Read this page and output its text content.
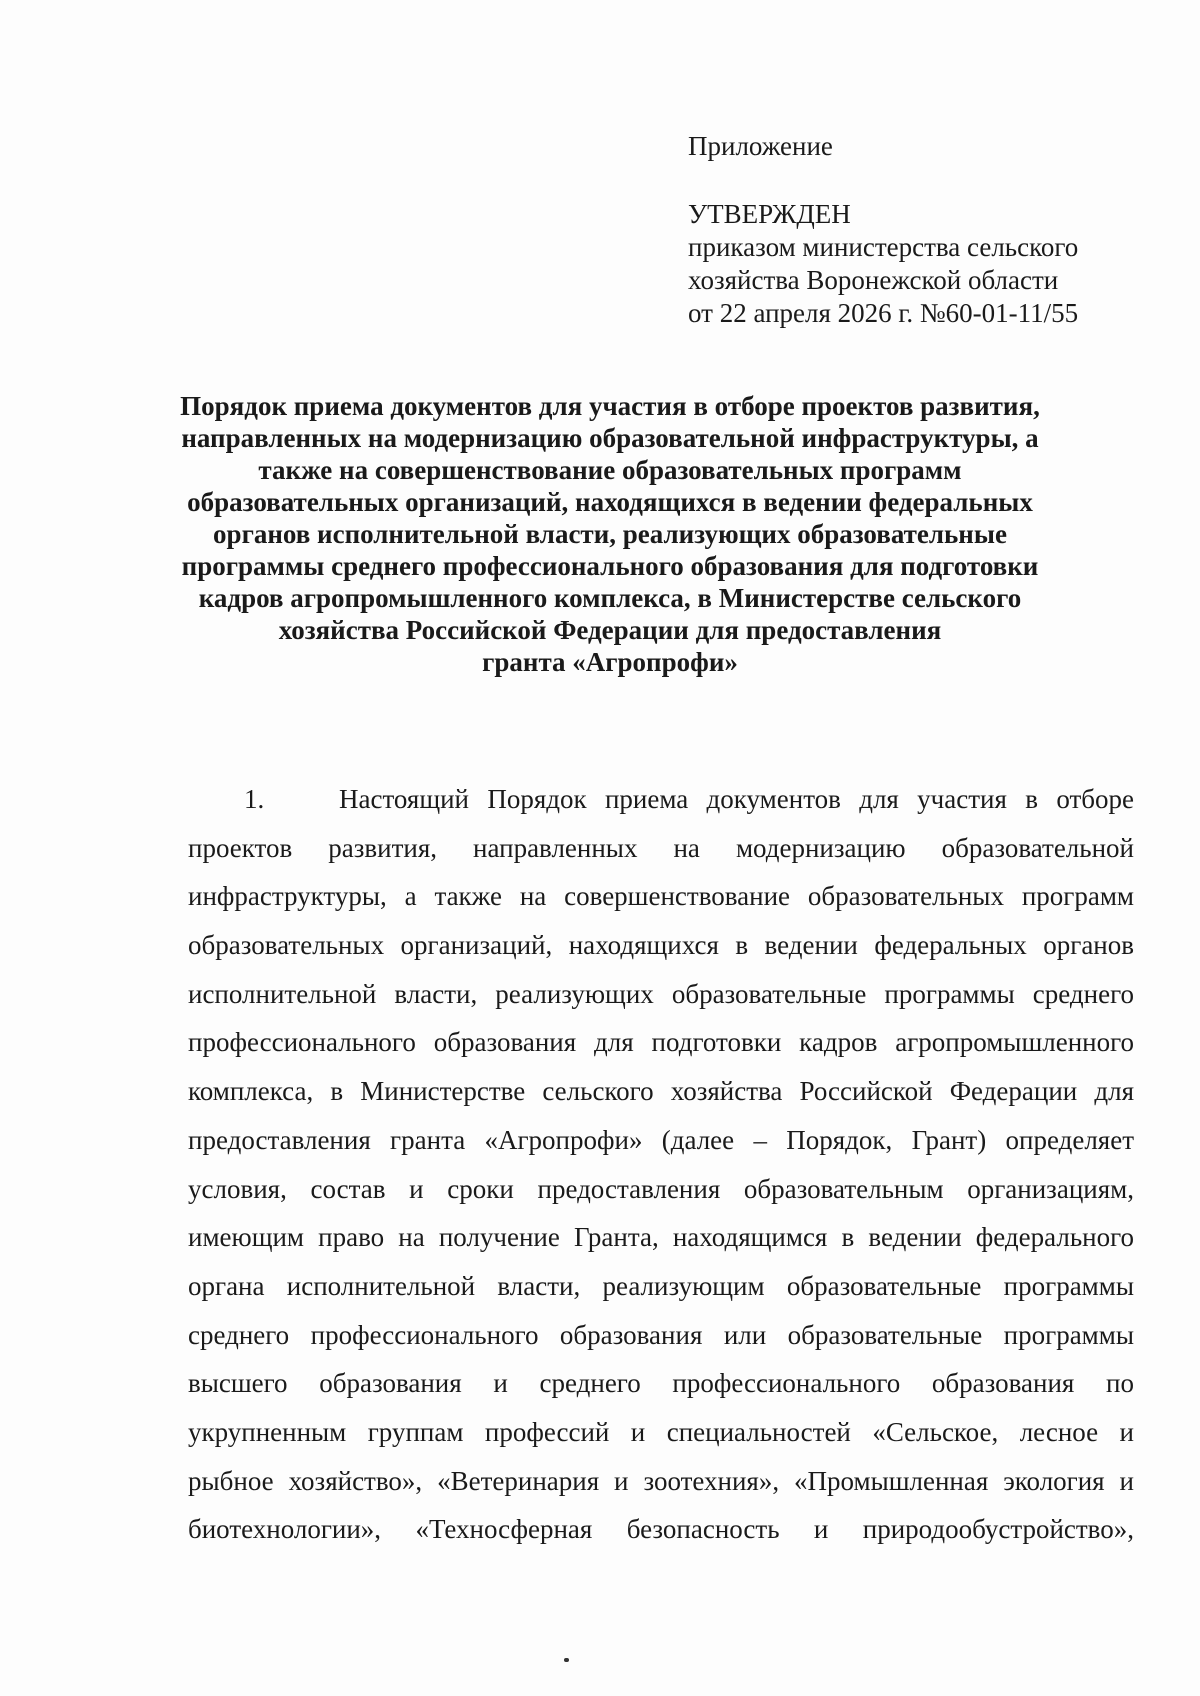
Приложение
УТВЕРЖДЕН
приказом министерства сельского
хозяйства Воронежской области
от 22 апреля 2026 г. №60-01-11/55
Порядок приема документов для участия в отборе проектов развития,
направленных на модернизацию образовательной инфраструктуры, а
также на совершенствование образовательных программ
образовательных организаций, находящихся в ведении федеральных
органов исполнительной власти, реализующих образовательные
программы среднего профессионального образования для подготовки
кадров агропромышленного комплекса, в Министерстве сельского
хозяйства Российской Федерации для предоставления
гранта «Агропрофи»
1.	Настоящий Порядок приема документов для участия в отборе
проектов развития, направленных на модернизацию образовательной
инфраструктуры, а также на совершенствование образовательных программ
образовательных организаций, находящихся в ведении федеральных органов
исполнительной власти, реализующих образовательные программы среднего
профессионального образования для подготовки кадров агропромышленного
комплекса, в Министерстве сельского хозяйства Российской Федерации для
предоставления гранта «Агропрофи» (далее – Порядок, Грант) определяет
условия, состав и сроки предоставления образовательным организациям,
имеющим право на получение Гранта, находящимся в ведении федерального
органа исполнительной власти, реализующим образовательные программы
среднего профессионального образования или образовательные программы
высшего образования и среднего профессионального образования по
укрупненным группам профессий и специальностей «Сельское, лесное и
рыбное хозяйство», «Ветеринария и зоотехния», «Промышленная экология и
биотехнологии», «Техносферная безопасность и природообустройство»,
